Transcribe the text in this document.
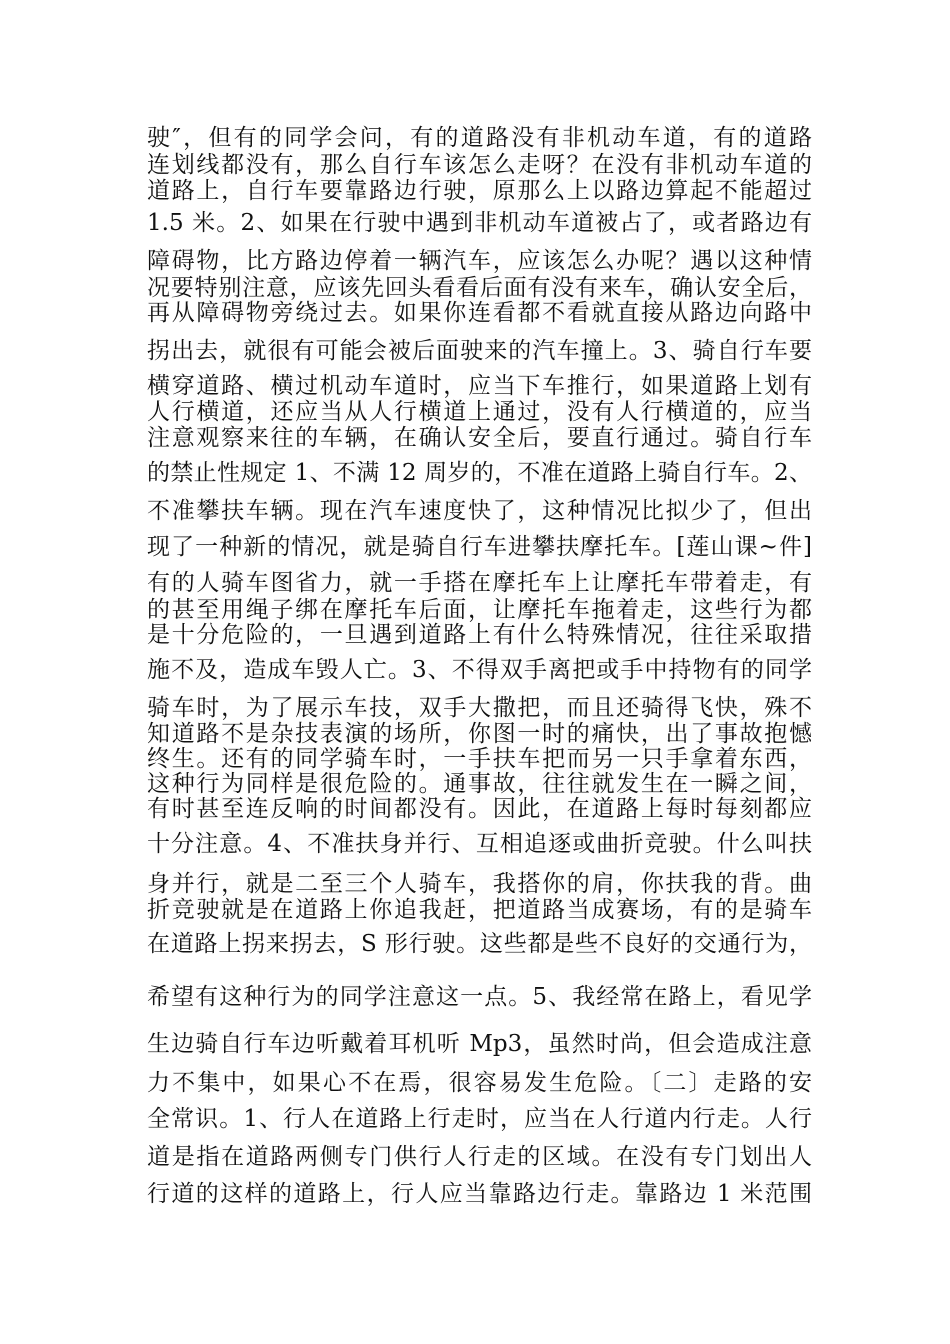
驶″，但有的同学会问，有的道路没有非机动车道，有的道路
连划线都没有，那么自行车该怎么走呀？在没有非机动车道的
道路上，自行车要靠路边行驶，原那么上以路边算起不能超过
1.5 米。2、如果在行驶中遇到非机动车道被占了，或者路边有
障碍物，比方路边停着一辆汽车，应该怎么办呢？遇以这种情
况要特别注意，应该先回头看看后面有没有来车，确认安全后，
再从障碍物旁绕过去。如果你连看都不看就直接从路边向路中
拐出去，就很有可能会被后面驶来的汽车撞上。3、骑自行车要
横穿道路、横过机动车道时，应当下车推行，如果道路上划有
人行横道，还应当从人行横道上通过，没有人行横道的，应当
注意观察来往的车辆，在确认安全后，要直行通过。骑自行车
的禁止性规定 1、不满 12 周岁的，不准在道路上骑自行车。2、
不准攀扶车辆。现在汽车速度快了，这种情况比拟少了，但出
现了一种新的情况，就是骑自行车进攀扶摩托车。[莲山课~件]
有的人骑车图省力，就一手搭在摩托车上让摩托车带着走，有
的甚至用绳子绑在摩托车后面，让摩托车拖着走，这些行为都
是十分危险的，一旦遇到道路上有什么特殊情况，往往采取措
施不及，造成车毁人亡。3、不得双手离把或手中持物有的同学
骑车时，为了展示车技，双手大撒把，而且还骑得飞快，殊不
知道路不是杂技表演的场所，你图一时的痛快，出了事故抱憾
终生。还有的同学骑车时，一手扶车把而另一只手拿着东西，
这种行为同样是很危险的。通事故，往往就发生在一瞬之间，
有时甚至连反响的时间都没有。因此，在道路上每时每刻都应
十分注意。4、不准扶身并行、互相追逐或曲折竞驶。什么叫扶
身并行，就是二至三个人骑车，我搭你的肩，你扶我的背。曲
折竞驶就是在道路上你追我赶，把道路当成赛场，有的是骑车
在道路上拐来拐去，S 形行驶。这些都是些不良好的交通行为，
希望有这种行为的同学注意这一点。5、我经常在路上，看见学
生边骑自行车边听戴着耳机听 Mp3，虽然时尚，但会造成注意
力不集中，如果心不在焉，很容易发生危险。〔二〕走路的安
全常识。1、行人在道路上行走时，应当在人行道内行走。人行
道是指在道路两侧专门供行人行走的区域。在没有专门划出人
行道的这样的道路上，行人应当靠路边行走。靠路边 1 米范围
